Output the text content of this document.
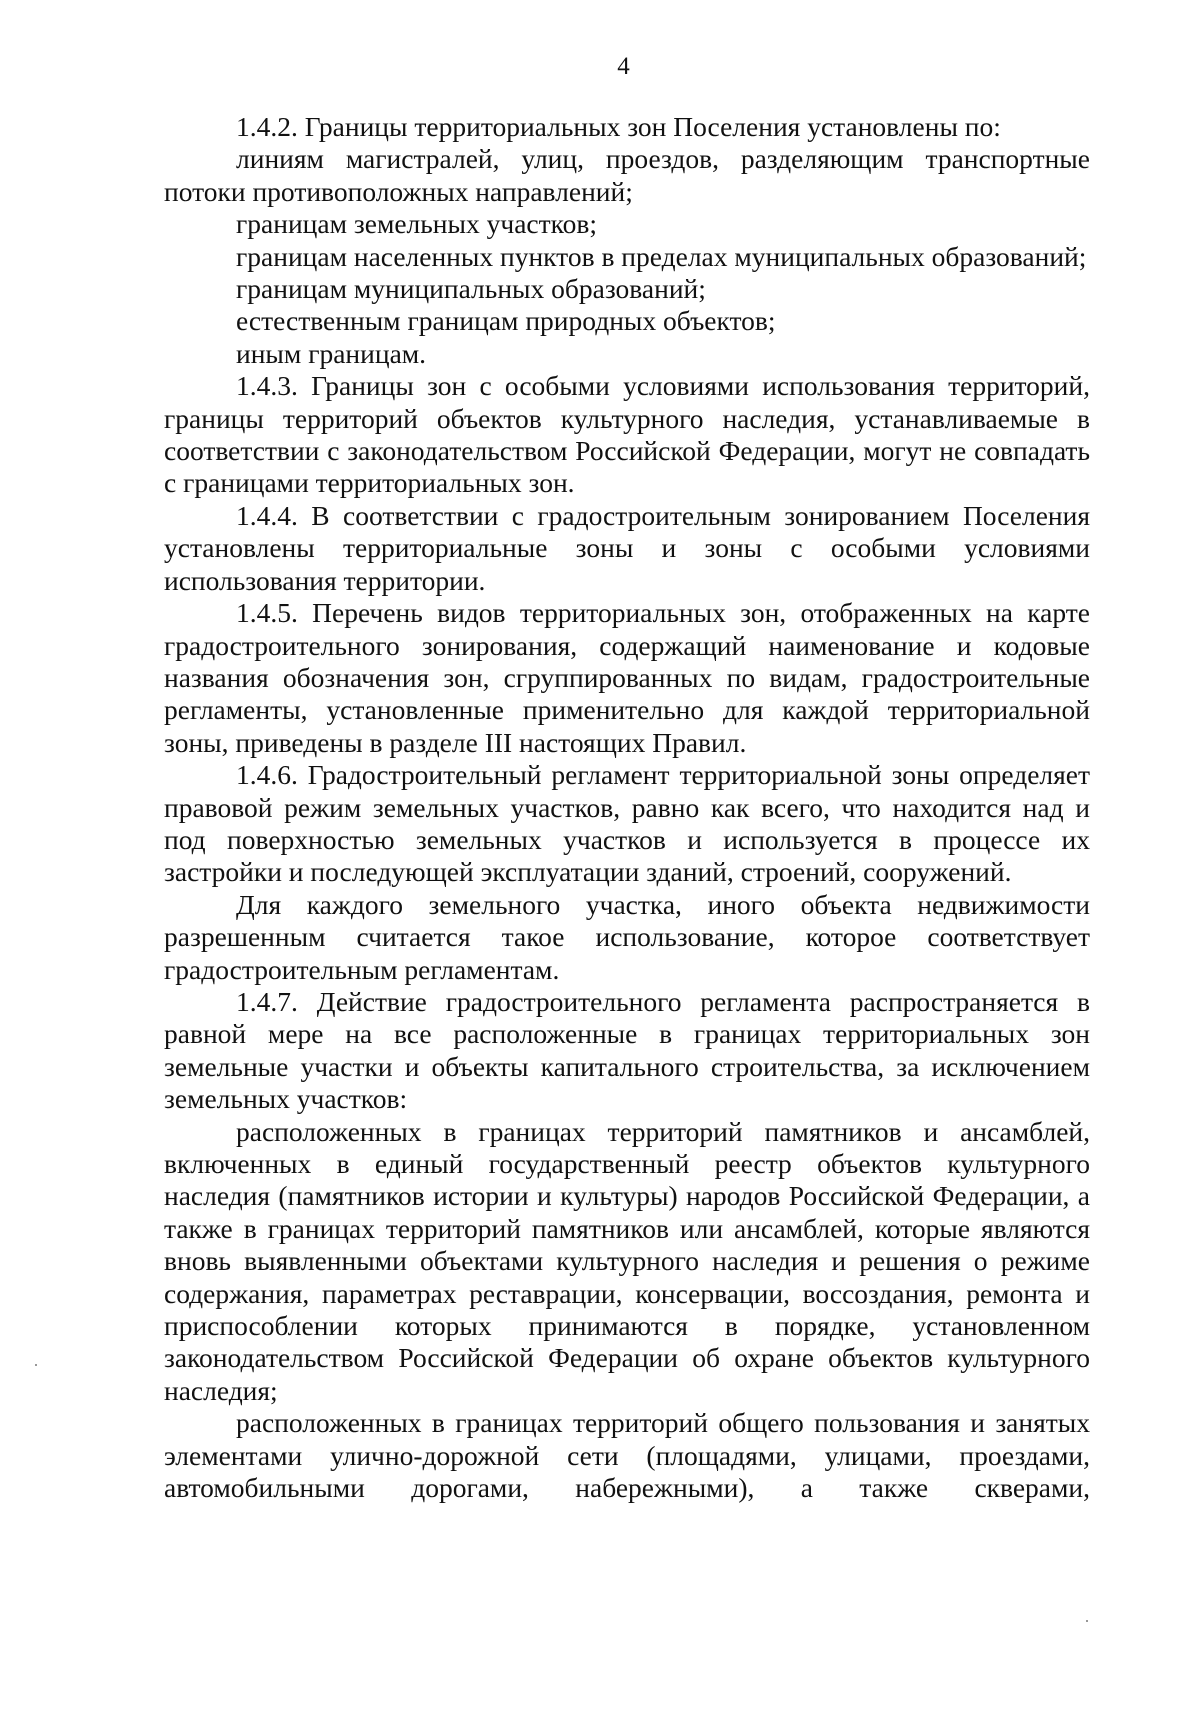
4

1.4.2. Границы территориальных зон Поселения установлены по:

линиям магистралей, улиц, проездов, разделяющим транспортные потоки противоположных направлений;

границам земельных участков;

границам населенных пунктов в пределах муниципальных образований;

границам муниципальных образований;

естественным границам природных объектов;

иным границам.

1.4.3. Границы зон с особыми условиями использования территорий, границы территорий объектов культурного наследия, устанавливаемые в соответствии с законодательством Российской Федерации, могут не совпадать с границами территориальных зон.

1.4.4. В соответствии с градостроительным зонированием Поселения установлены территориальные зоны и зоны с особыми условиями использования территории.

1.4.5. Перечень видов территориальных зон, отображенных на карте градостроительного зонирования, содержащий наименование и кодовые названия обозначения зон, сгруппированных по видам, градостроительные регламенты, установленные применительно для каждой территориальной зоны, приведены в разделе III настоящих Правил.

1.4.6. Градостроительный регламент территориальной зоны определяет правовой режим земельных участков, равно как всего, что находится над и под поверхностью земельных участков и используется в процессе их застройки и последующей эксплуатации зданий, строений, сооружений.

Для каждого земельного участка, иного объекта недвижимости разрешенным считается такое использование, которое соответствует градостроительным регламентам.

1.4.7. Действие градостроительного регламента распространяется в равной мере на все расположенные в границах территориальных зон земельные участки и объекты капитального строительства, за исключением земельных участков:

расположенных в границах территорий памятников и ансамблей, включенных в единый государственный реестр объектов культурного наследия (памятников истории и культуры) народов Российской Федерации, а также в границах территорий памятников или ансамблей, которые являются вновь выявленными объектами культурного наследия и решения о режиме содержания, параметрах реставрации, консервации, воссоздания, ремонта и приспособлении которых принимаются в порядке, установленном законодательством Российской Федерации об охране объектов культурного наследия;

расположенных в границах территорий общего пользования и занятых элементами улично-дорожной сети (площадями, улицами, проездами, автомобильными дорогами, набережными), а также скверами,
